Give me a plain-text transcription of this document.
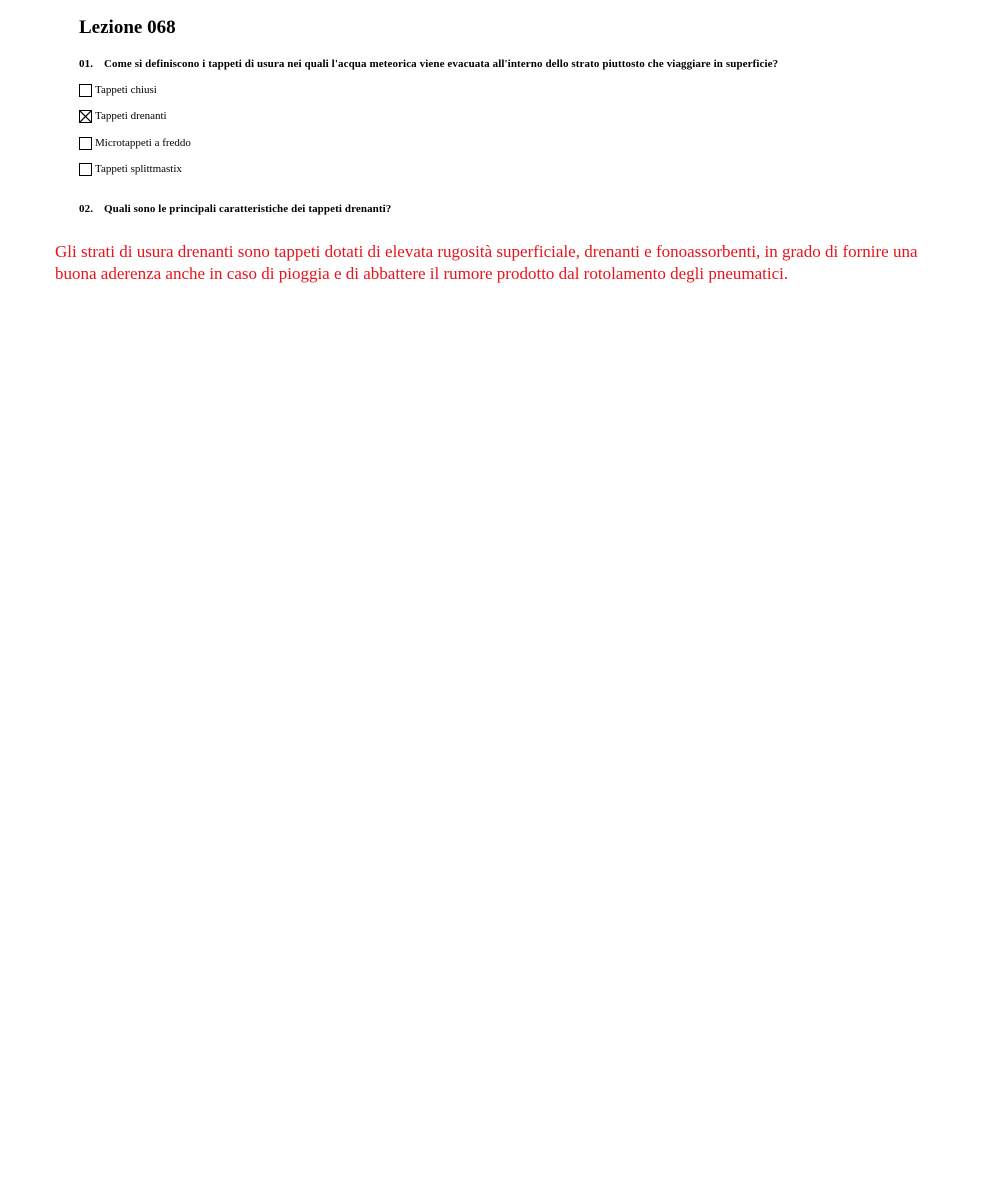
Lezione 068
01. Come si definiscono i tappeti di usura nei quali l'acqua meteorica viene evacuata all'interno dello strato piuttosto che viaggiare in superficie?
Tappeti chiusi
Tappeti drenanti
Microtappeti a freddo
Tappeti splittmastix
02. Quali sono le principali caratteristiche dei tappeti drenanti?

Gli strati di usura drenanti sono tappeti dotati di elevata rugosità superficiale, drenanti e fonoassorbenti, in grado di fornire una buona aderenza anche in caso di pioggia e di abbattere il rumore prodotto dal rotolamento degli pneumatici.
